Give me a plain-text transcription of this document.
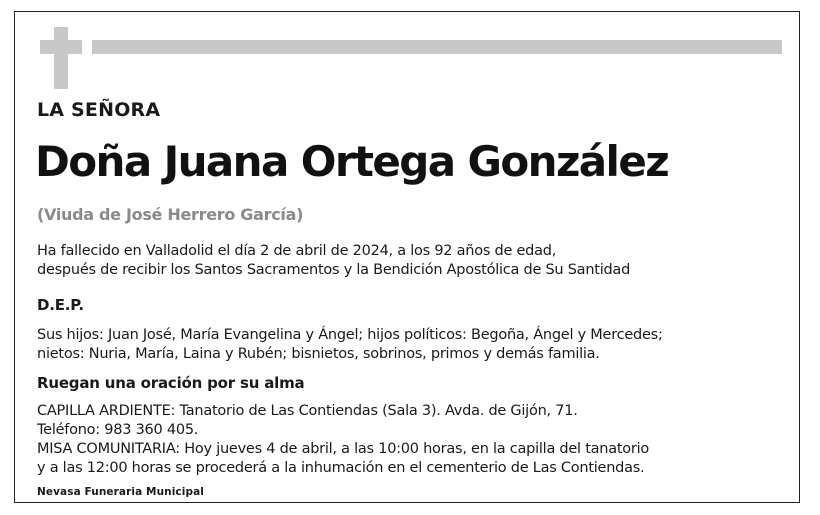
LA SEÑORA
Doña Juana Ortega González
(Viuda de José Herrero García)
Ha fallecido en Valladolid el día 2 de abril de 2024, a los 92 años de edad,
después de recibir los Santos Sacramentos y la Bendición Apostólica de Su Santidad
D.E.P.
Sus hijos: Juan José, María Evangelina y Ángel; hijos políticos: Begoña, Ángel y Mercedes;
nietos: Nuria, María, Laina y Rubén; bisnietos, sobrinos, primos y demás familia.
Ruegan una oración por su alma
CAPILLA ARDIENTE: Tanatorio de Las Contiendas (Sala 3). Avda. de Gijón, 71.
Teléfono: 983 360 405.
MISA COMUNITARIA: Hoy jueves 4 de abril, a las 10:00 horas, en la capilla del tanatorio
y a las 12:00 horas se procederá a la inhumación en el cementerio de Las Contiendas.
Nevasa Funeraria Municipal
